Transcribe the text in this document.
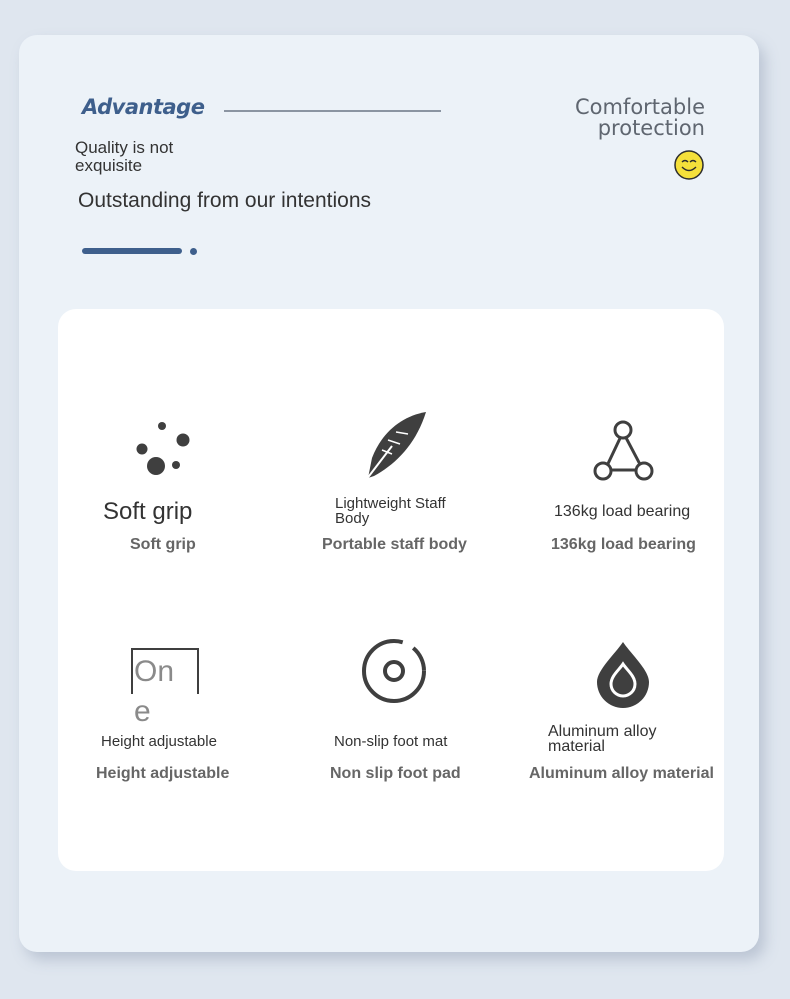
Advantage	Comfortable
protection
Quality is not exquisite
Outstanding from our intentions
Soft grip
Soft grip
Lightweight Staff Body
Portable staff body
136kg load bearing
136kg load bearing
One
Height adjustable
Height adjustable
Non-slip foot mat
Non slip foot pad
Aluminum alloy material
Aluminum alloy material
